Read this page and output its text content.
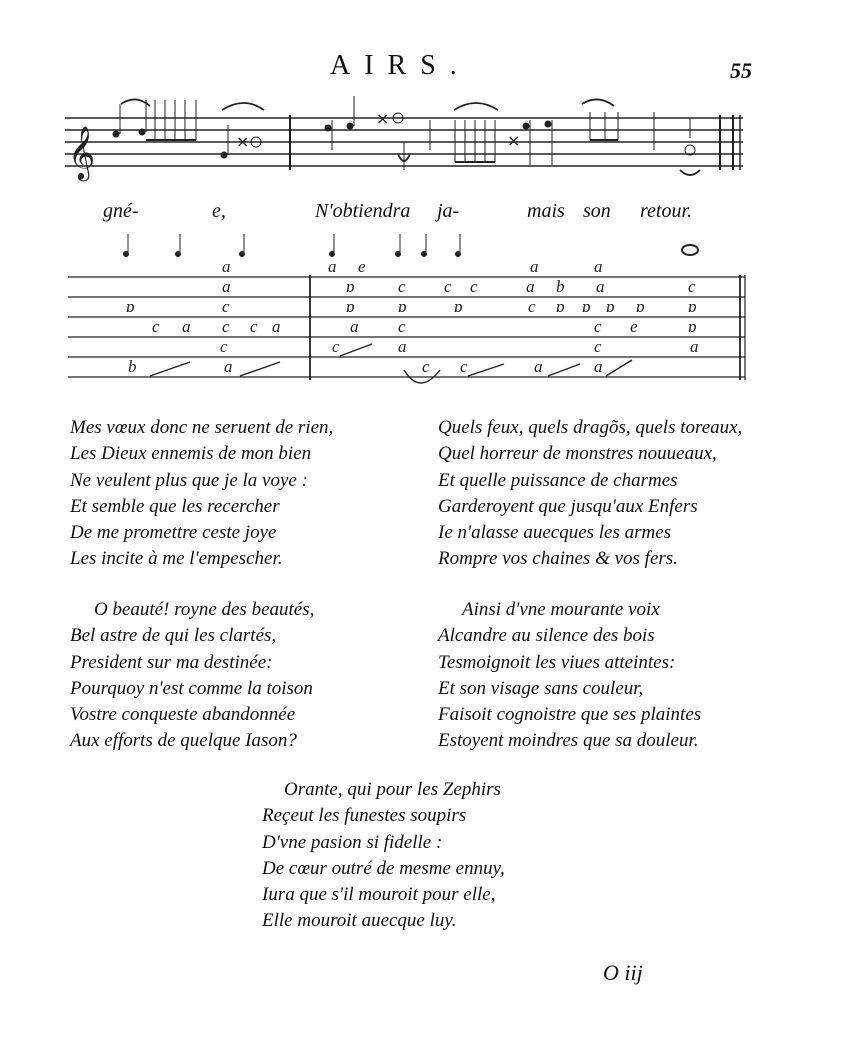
AIRS.	55
𝄞	×
×
×
a	a e	a	a
a	ɒ	c c c	a b a	c
ɒ	c	ɒ	ɒ	ɒ	c ɒ ɒ ɒ ɒ	ɒ
c a c c a	a c	c e	ɒ
c	c	a	c	a
b	a	c c	a	a
gné-	e,	N'obtiendra ja-	mais son retour.
Mes vœux donc ne seruent de rien,
Les Dieux ennemis de mon bien
Ne veulent plus que je la voye :
Et semble que les recercher
De me promettre ceste joye
Les incite à me l'empescher.
Quels feux, quels dragõs, quels toreaux,
Quel horreur de monstres nouueaux,
Et quelle puissance de charmes
Garderoyent que jusqu'aux Enfers
Ie n'alasse auecques les armes
Rompre vos chaines & vos fers.
O beauté! royne des beautés,
Bel astre de qui les clartés,
President sur ma destinée:
Pourquoy n'est comme la toison
Vostre conqueste abandonnée
Aux efforts de quelque Iason?
Ainsi d'vne mourante voix
Alcandre au silence des bois
Tesmoignoit les viues atteintes:
Et son visage sans couleur,
Faisoit cognoistre que ses plaintes
Estoyent moindres que sa douleur.
Orante, qui pour les Zephirs
Reçeut les funestes soupirs
D'vne pasion si fidelle :
De cœur outré de mesme ennuy,
Iura que s'il mouroit pour elle,
Elle mouroit auecque luy.
O iij
